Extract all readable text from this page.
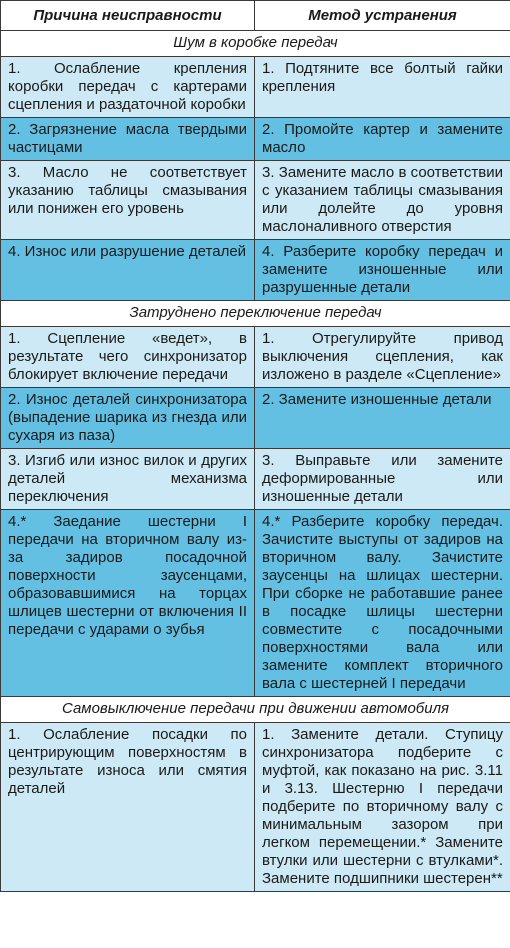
Причина неисправности	Метод устранения
Шум в коробке передач	
1. Ослабление крепления коробки передач с картерами сцепления и раздаточной коробки	1. Подтяните все болтый гайки крепления
2. Загрязнение масла твердыми частицами	2. Промойте картер и замените масло
3. Масло не соответствует указанию таблицы смазывания или понижен его уровень	3. Замените масло в соответствии с указанием таблицы смазывания или долейте до уровня маслоналивного отверстия
4. Износ или разрушение деталей	4. Разберите коробку передач и замените изношенные или разрушенные детали
Затруднено переключение передач	
1. Сцепление «ведет», в результате чего синхронизатор блокирует включение передачи	1. Отрегулируйте привод выключения сцепления, как изложено в разделе «Сцепление»
2. Износ деталей синхронизатора (выпадение шарика из гнезда или сухаря из паза)	2. Замените изношенные детали
3. Изгиб или износ вилок и других деталей механизма переключения	3. Выправьте или замените деформированные или изношенные детали
4.* Заедание шестерни I передачи на вторичном валу из-за задиров посадочной поверхности заусенцами, образовавшимися на торцах шлицев шестерни от включения II передачи с ударами о зубья	4.* Разберите коробку передач. Зачистите выступы от задиров на вторичном валу. Зачистите заусенцы на шлицах шестерни. При сборке не работавшие ранее в посадке шлицы шестерни совместите с посадочными поверхностями вала или замените комплект вторичного вала с шестерней I передачи
Самовыключение передачи при движении автомобиля	
1. Ослабление посадки по центрирующим поверхностям в результате износа или смятия деталей	1. Замените детали. Ступицу синхронизатора подберите с муфтой, как показано на рис. 3.11 и 3.13. Шестерню I передачи подберите по вторичному валу с минимальным зазором при легком перемещении.* Замените втулки или шестерни с втулками*. Замените подшипники шестерен**
